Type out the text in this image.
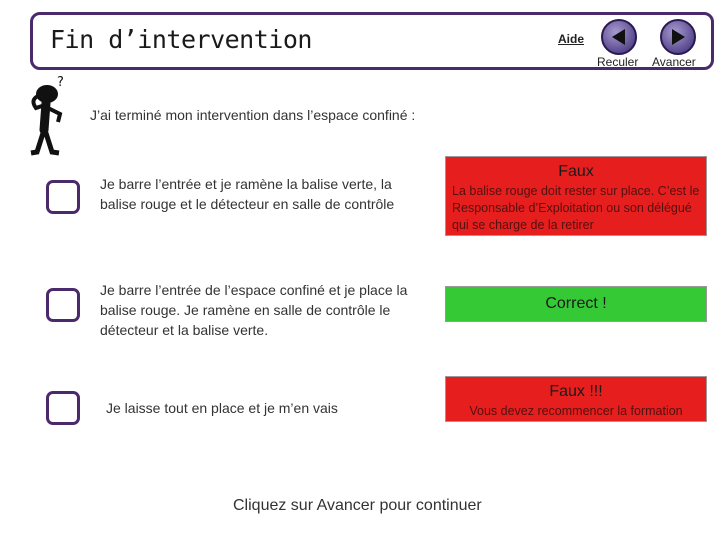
Fin d’intervention	Aide
Reculer Avancer
?
J’ai terminé mon intervention dans l’espace confiné :
Je barre l’entrée et je ramène la balise verte, la balise rouge et le détecteur en salle de contrôle
Faux
La balise rouge doit rester sur place. C’est le Responsable d’Exploitation ou son délégué qui se charge de la retirer
Je barre l’entrée de l’espace confiné et je place la balise rouge. Je ramène en salle de contrôle le détecteur et la balise verte.
Correct !
Je laisse tout en place et je m’en vais
Faux !!!
Vous devez recommencer la formation
Cliquez sur Avancer pour continuer
